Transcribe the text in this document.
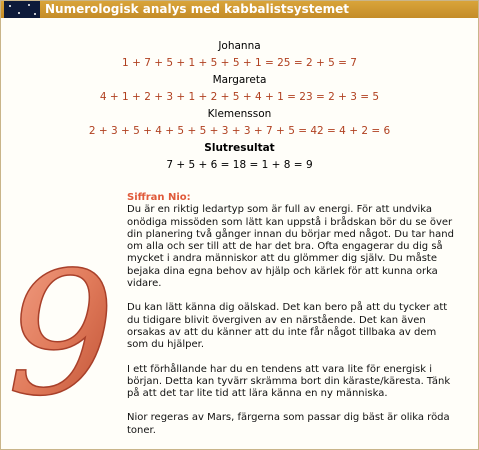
Numerologisk analys med kabbalistsystemet
Johanna
1 + 7 + 5 + 1 + 5 + 5 + 1 = 25 = 2 + 5 = 7
Margareta
4 + 1 + 2 + 3 + 1 + 2 + 5 + 4 + 1 = 23 = 2 + 3 = 5
Klemensson
2 + 3 + 5 + 4 + 5 + 5 + 3 + 3 + 7 + 5 = 42 = 4 + 2 = 6
Slutresultat
7 + 5 + 6 = 18 = 1 + 8 = 9
9
Siffran Nio:

Du är en riktig ledartyp som är full av energi. För att undvika onödiga missöden som lätt kan uppstå i brådskan bör du se över din planering två gånger innan du börjar med något. Du tar hand om alla och ser till att de har det bra. Ofta engagerar du dig så mycket i andra människor att du glömmer dig själv. Du måste bejaka dina egna behov av hjälp och kärlek för att kunna orka vidare.

Du kan lätt känna dig oälskad. Det kan bero på att du tycker att du tidigare blivit övergiven av en närstående. Det kan även orsakas av att du känner att du inte får något tillbaka av dem som du hjälper.

I ett förhållande har du en tendens att vara lite för energisk i början. Detta kan tyvärr skrämma bort din käraste/käresta. Tänk på att det tar lite tid att lära känna en ny människa.

Nior regeras av Mars, färgerna som passar dig bäst är olika röda toner.
